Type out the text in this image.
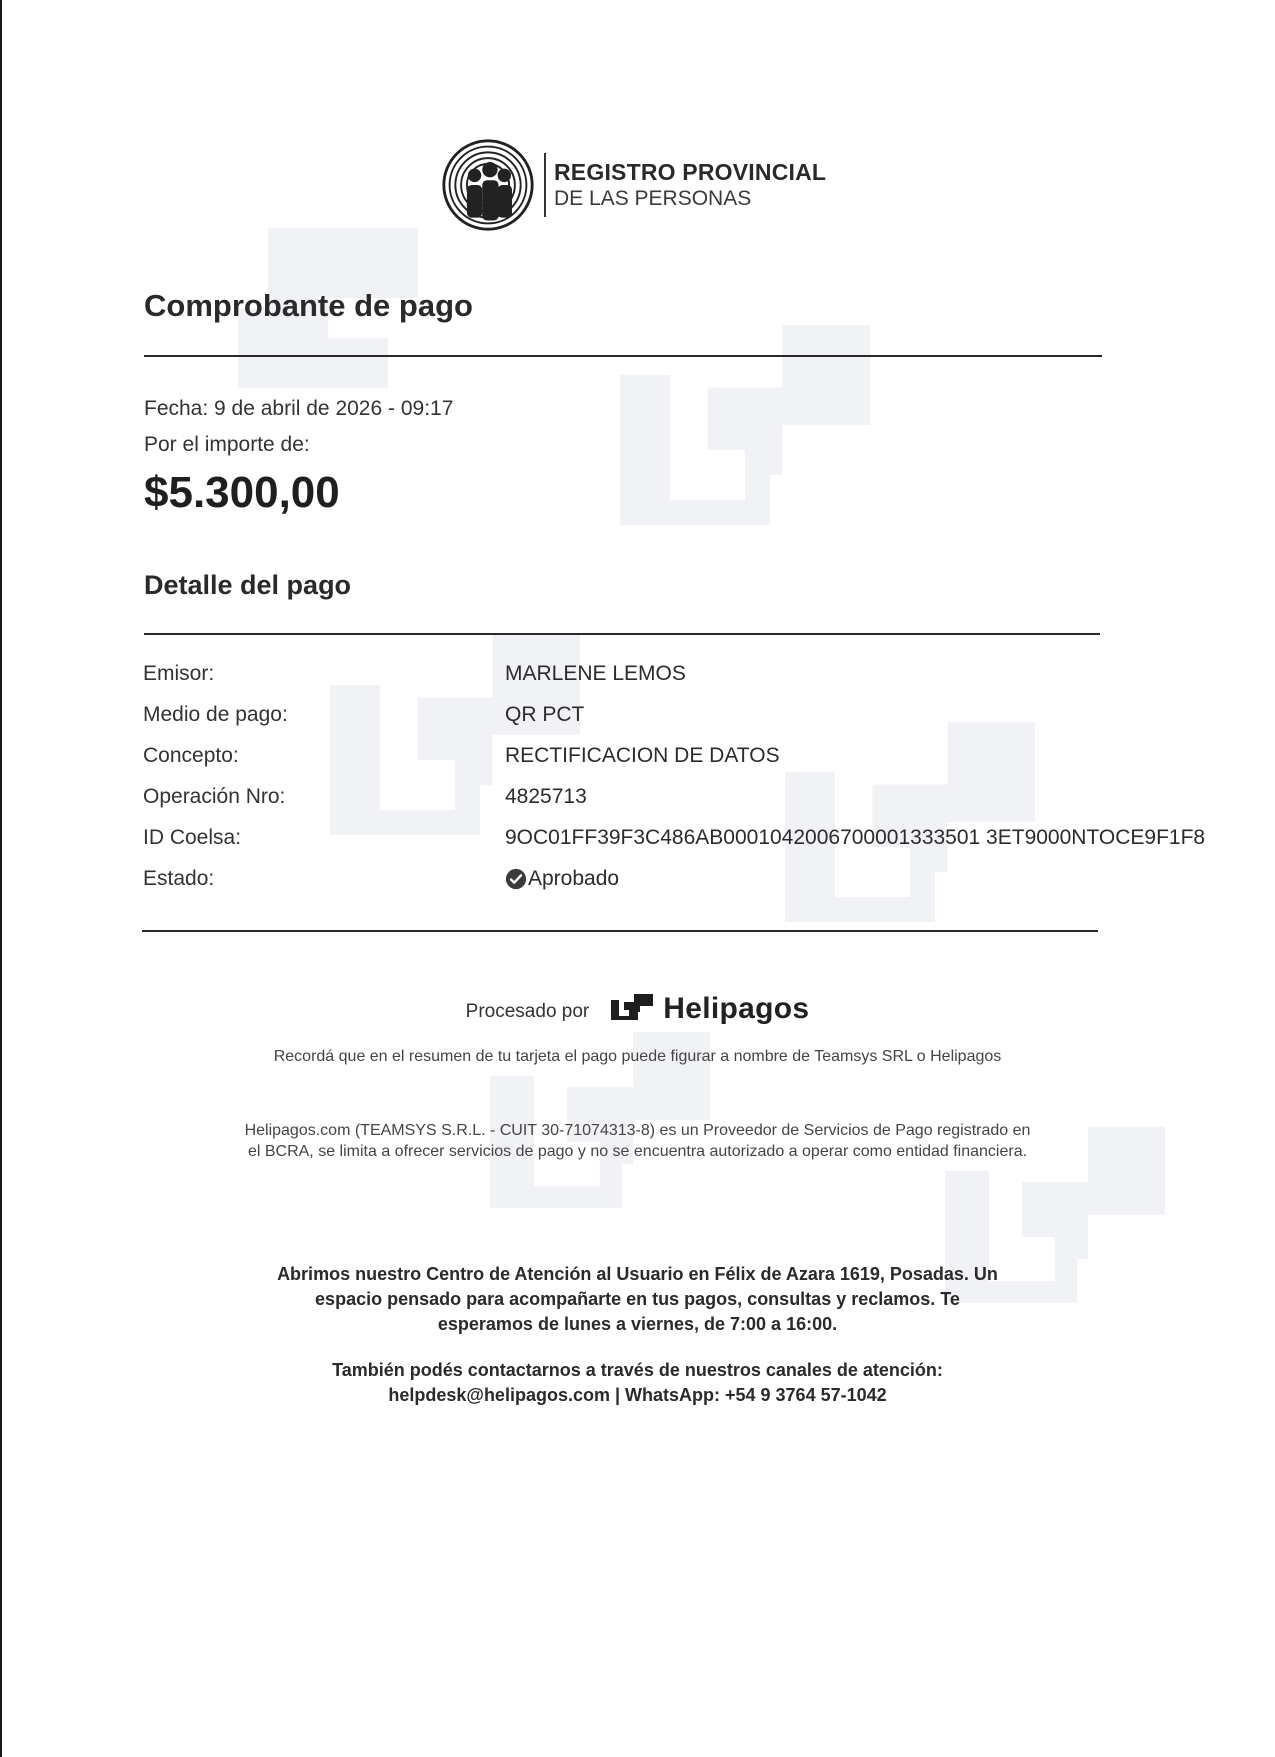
REGISTRO PROVINCIAL
DE LAS PERSONAS
Comprobante de pago
Fecha: 9 de abril de 2026 - 09:17
Por el importe de:
$5.300,00
Detalle del pago
Emisor:	MARLENE LEMOS
Medio de pago:	QR PCT
Concepto:	RECTIFICACION DE DATOS
Operación Nro:	4825713
ID Coelsa:	9OC01FF39F3C486AB0001042006700001333501 3ET9000NTOCE9F1F8
Estado:	Aprobado
Procesado por Helipagos
Recordá que en el resumen de tu tarjeta el pago puede figurar a nombre de Teamsys SRL o Helipagos
Helipagos.com (TEAMSYS S.R.L. - CUIT 30-71074313-8) es un Proveedor de Servicios de Pago registrado en el BCRA, se limita a ofrecer servicios de pago y no se encuentra autorizado a operar como entidad financiera.
Abrimos nuestro Centro de Atención al Usuario en Félix de Azara 1619, Posadas. Un espacio pensado para acompañarte en tus pagos, consultas y reclamos. Te esperamos de lunes a viernes, de 7:00 a 16:00.
También podés contactarnos a través de nuestros canales de atención: helpdesk@helipagos.com | WhatsApp: +54 9 3764 57-1042
